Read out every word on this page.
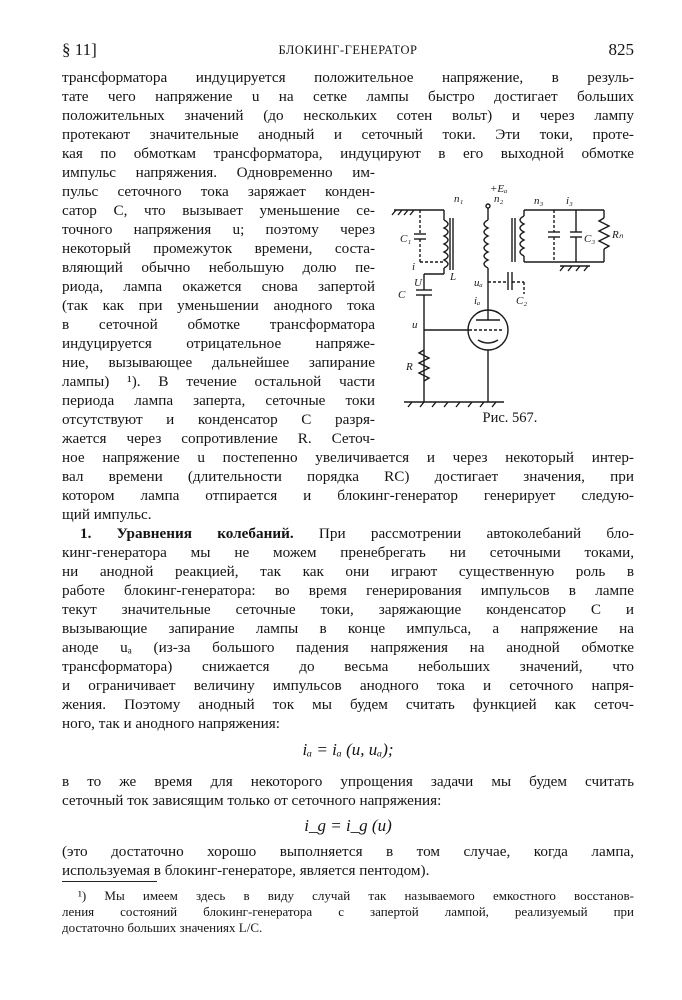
§ 11]	БЛОКИНГ-ГЕНЕРАТОР	825
трансформатора индуцируется положительное напряжение, в резуль-
тате чего напряжение u на сетке лампы быстро достигает больших
положительных значений (до нескольких сотен вольт) и через лампу
протекают значительные анодный и сеточный токи. Эти токи, проте-
кая по обмоткам трансформатора, индуцируют в его выходной обмотке
импульс напряжения. Одновременно им-
пульс сеточного тока заряжает конден-
сатор C, что вызывает уменьшение се-
точного напряжения u; поэтому через
некоторый промежуток времени, соста-
вляющий обычно небольшую долю пе-
риода, лампа окажется снова запертой
(так как при уменьшении анодного тока
в сеточной обмотке трансформатора
индуцируется отрицательное напряже-
ние, вызывающее дальнейшее запирание
лампы) ¹). В течение остальной части
периода лампа заперта, сеточные токи
отсутствуют и конденсатор C разря-
жается через сопротивление R. Сеточ-
ное напряжение u постепенно увеличивается и через некоторый интер-
вал времени (длительности порядка RC) достигает значения, при
котором лампа отпирается и блокинг-генератор генерирует следую-
щий импульс.
1. Уравнения колебаний. При рассмотрении автоколебаний бло-
кинг-генератора мы не можем пренебрегать ни сеточными токами,
ни анодной реакцией, так как они играют существенную роль в
работе блокинг-генератора: во время генерирования импульсов в лампе
текут значительные сеточные токи, заряжающие конденсатор C и
вызывающие запирание лампы в конце импульса, а напряжение на
аноде uₐ (из-за большого падения напряжения на анодной обмотке
трансформатора) снижается до весьма небольших значений, что
и ограничивает величину импульсов анодного тока и сеточного напря-
жения. Поэтому анодный ток мы будем считать функцией как сеточ-
ного, так и анодного напряжения:
iₐ = iₐ (u, uₐ);
в то же время для некоторого упрощения задачи мы будем считать
сеточный ток зависящим только от сеточного напряжения:
i_g = i_g (u)
(это достаточно хорошо выполняется в том случае, когда лампа,
используемая в блокинг-генераторе, является пентодом).
¹) Мы имеем здесь в виду случай так называемого емкостного восстанов-
ления состояний блокинг-генератора с запертой лампой, реализуемый при
достаточно больших значениях L/C.
n₁	n₂
+Eₐ
n₃ i₃
C₁	C₃ Rₙ
L
i
U
C
uₐ
iₐ	C₂
u
R
Рис. 567.
